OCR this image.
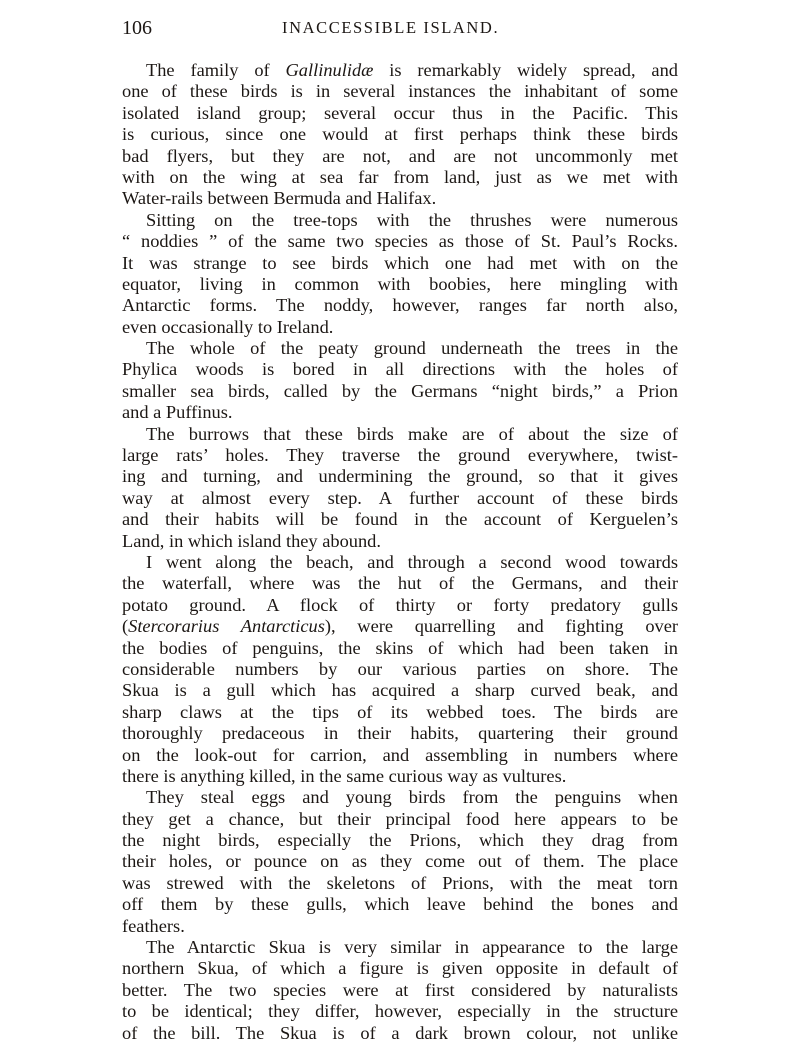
106	INACCESSIBLE ISLAND.
The family of Gallinulidæ is remarkably widely spread, and
one of these birds is in several instances the inhabitant of some
isolated island group; several occur thus in the Pacific. This
is curious, since one would at first perhaps think these birds
bad flyers, but they are not, and are not uncommonly met
with on the wing at sea far from land, just as we met with
Water-rails between Bermuda and Halifax.
Sitting on the tree-tops with the thrushes were numerous
“ noddies ” of the same two species as those of St. Paul’s Rocks.
It was strange to see birds which one had met with on the
equator, living in common with boobies, here mingling with
Antarctic forms. The noddy, however, ranges far north also,
even occasionally to Ireland.
The whole of the peaty ground underneath the trees in the
Phylica woods is bored in all directions with the holes of
smaller sea birds, called by the Germans “night birds,” a Prion
and a Puffinus.
The burrows that these birds make are of about the size of
large rats’ holes. They traverse the ground everywhere, twist-
ing and turning, and undermining the ground, so that it gives
way at almost every step. A further account of these birds
and their habits will be found in the account of Kerguelen’s
Land, in which island they abound.
I went along the beach, and through a second wood towards
the waterfall, where was the hut of the Germans, and their
potato ground. A flock of thirty or forty predatory gulls
(Stercorarius Antarcticus), were quarrelling and fighting over
the bodies of penguins, the skins of which had been taken in
considerable numbers by our various parties on shore. The
Skua is a gull which has acquired a sharp curved beak, and
sharp claws at the tips of its webbed toes. The birds are
thoroughly predaceous in their habits, quartering their ground
on the look-out for carrion, and assembling in numbers where
there is anything killed, in the same curious way as vultures.
They steal eggs and young birds from the penguins when
they get a chance, but their principal food here appears to be
the night birds, especially the Prions, which they drag from
their holes, or pounce on as they come out of them. The place
was strewed with the skeletons of Prions, with the meat torn
off them by these gulls, which leave behind the bones and
feathers.
The Antarctic Skua is very similar in appearance to the large
northern Skua, of which a figure is given opposite in default of
better. The two species were at first considered by naturalists
to be identical; they differ, however, especially in the structure
of the bill. The Skua is of a dark brown colour, not unlike
